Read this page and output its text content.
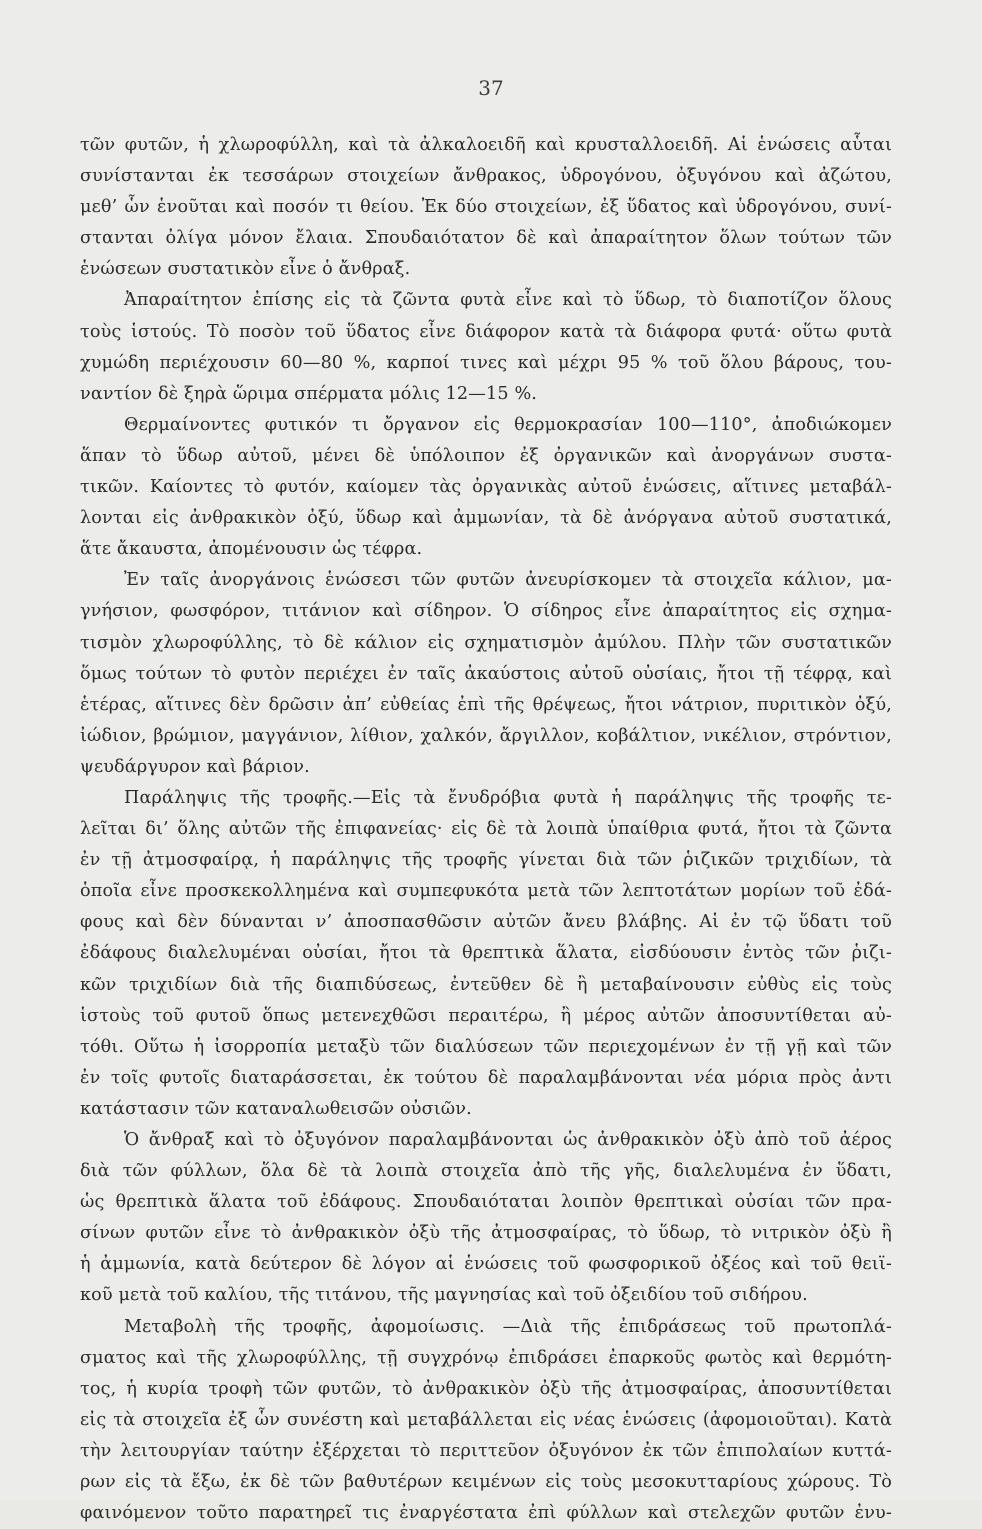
37
τῶν φυτῶν, ἡ χλωροφύλλη, καὶ τὰ ἀλκαλοειδῆ καὶ κρυσταλλοειδῆ. Αἱ ἑνώσεις αὗται
συνίστανται ἐκ τεσσάρων στοιχείων ἄνθρακος, ὑδρογόνου, ὀξυγόνου καὶ ἀζώτου,
μεθ’ ὧν ἑνοῦται καὶ ποσόν τι θείου. Ἐκ δύο στοιχείων, ἐξ ὕδατος καὶ ὑδρογόνου, συνί-
στανται ὀλίγα μόνον ἔλαια. Σπουδαιότατον δὲ καὶ ἀπαραίτητον ὅλων τούτων τῶν
ἑνώσεων συστατικὸν εἶνε ὁ ἄνθραξ.
Ἀπαραίτητον ἐπίσης εἰς τὰ ζῶντα φυτὰ εἶνε καὶ τὸ ὕδωρ, τὸ διαποτίζον ὅλους
τοὺς ἱστούς. Τὸ ποσὸν τοῦ ὕδατος εἶνε διάφορον κατὰ τὰ διάφορα φυτά· οὕτω φυτὰ
χυμώδη περιέχουσιν 60—80 %, καρποί τινες καὶ μέχρι 95 % τοῦ ὅλου βάρους, του-
ναντίον δὲ ξηρὰ ὥριμα σπέρματα μόλις 12—15 %.
Θερμαίνοντες φυτικόν τι ὄργανον εἰς θερμοκρασίαν 100—110°, ἀποδιώκομεν
ἅπαν τὸ ὕδωρ αὐτοῦ, μένει δὲ ὑπόλοιπον ἐξ ὀργανικῶν καὶ ἀνοργάνων συστα-
τικῶν. Καίοντες τὸ φυτόν, καίομεν τὰς ὀργανικὰς αὐτοῦ ἑνώσεις, αἵτινες μεταβάλ-
λονται εἰς ἀνθρακικὸν ὀξύ, ὕδωρ καὶ ἀμμωνίαν, τὰ δὲ ἀνόργανα αὐτοῦ συστατικά,
ἅτε ἄκαυστα, ἀπομένουσιν ὡς τέφρα.
Ἐν ταῖς ἀνοργάνοις ἑνώσεσι τῶν φυτῶν ἀνευρίσκομεν τὰ στοιχεῖα κάλιον, μα-
γνήσιον, φωσφόρον, τιτάνιον καὶ σίδηρον. Ὁ σίδηρος εἶνε ἀπαραίτητος εἰς σχημα-
τισμὸν χλωροφύλλης, τὸ δὲ κάλιον εἰς σχηματισμὸν ἀμύλου. Πλὴν τῶν συστατικῶν
ὅμως τούτων τὸ φυτὸν περιέχει ἐν ταῖς ἀκαύστοις αὐτοῦ οὐσίαις, ἤτοι τῇ τέφρᾳ, καὶ
ἑτέρας, αἵτινες δὲν δρῶσιν ἀπ’ εὐθείας ἐπὶ τῆς θρέψεως, ἤτοι νάτριον, πυριτικὸν ὀξύ,
ἰώδιον, βρώμιον, μαγγάνιον, λίθιον, χαλκόν, ἄργιλλον, κοβάλτιον, νικέλιον, στρόντιον,
ψευδάργυρον καὶ βάριον.
Παράληψις τῆς τροφῆς.—Εἰς τὰ ἔνυδρόβια φυτὰ ἡ παράληψις τῆς τροφῆς τε-
λεῖται δι’ ὅλης αὐτῶν τῆς ἐπιφανείας· εἰς δὲ τὰ λοιπὰ ὑπαίθρια φυτά, ἤτοι τὰ ζῶντα
ἐν τῇ ἀτμοσφαίρᾳ, ἡ παράληψις τῆς τροφῆς γίνεται διὰ τῶν ῥιζικῶν τριχιδίων, τὰ
ὁποῖα εἶνε προσκεκολλημένα καὶ συμπεφυκότα μετὰ τῶν λεπτοτάτων μορίων τοῦ ἐδά-
φους καὶ δὲν δύνανται ν’ ἀποσπασθῶσιν αὐτῶν ἄνευ βλάβης. Αἱ ἐν τῷ ὕδατι τοῦ
ἐδάφους διαλελυμέναι οὐσίαι, ἤτοι τὰ θρεπτικὰ ἅλατα, εἰσδύουσιν ἐντὸς τῶν ῥιζι-
κῶν τριχιδίων διὰ τῆς διαπιδύσεως, ἐντεῦθεν δὲ ἢ μεταβαίνουσιν εὐθὺς εἰς τοὺς
ἱστοὺς τοῦ φυτοῦ ὅπως μετενεχθῶσι περαιτέρω, ἢ μέρος αὐτῶν ἀποσυντίθεται αὐ-
τόθι. Οὕτω ἡ ἰσορροπία μεταξὺ τῶν διαλύσεων τῶν περιεχομένων ἐν τῇ γῇ καὶ τῶν
ἐν τοῖς φυτοῖς διαταράσσεται, ἐκ τούτου δὲ παραλαμβάνονται νέα μόρια πρὸς ἀντι
κατάστασιν τῶν καταναλωθεισῶν οὐσιῶν.
Ὁ ἄνθραξ καὶ τὸ ὀξυγόνον παραλαμβάνονται ὡς ἀνθρακικὸν ὀξὺ ἀπὸ τοῦ ἀέρος
διὰ τῶν φύλλων, ὅλα δὲ τὰ λοιπὰ στοιχεῖα ἀπὸ τῆς γῆς, διαλελυμένα ἐν ὕδατι,
ὡς θρεπτικὰ ἅλατα τοῦ ἐδάφους. Σπουδαιόταται λοιπὸν θρεπτικαὶ οὐσίαι τῶν πρα-
σίνων φυτῶν εἶνε τὸ ἀνθρακικὸν ὀξὺ τῆς ἀτμοσφαίρας, τὸ ὕδωρ, τὸ νιτρικὸν ὀξὺ ἢ
ἡ ἀμμωνία, κατὰ δεύτερον δὲ λόγον αἱ ἑνώσεις τοῦ φωσφορικοῦ ὀξέος καὶ τοῦ θειϊ-
κοῦ μετὰ τοῦ καλίου, τῆς τιτάνου, τῆς μαγνησίας καὶ τοῦ ὀξειδίου τοῦ σιδήρου.
Μεταβολὴ τῆς τροφῆς, ἀφομοίωσις. —Διὰ τῆς ἐπιδράσεως τοῦ πρωτοπλά-
σματος καὶ τῆς χλωροφύλλης, τῇ συγχρόνῳ ἐπιδράσει ἐπαρκοῦς φωτὸς καὶ θερμότη-
τος, ἡ κυρία τροφὴ τῶν φυτῶν, τὸ ἀνθρακικὸν ὀξὺ τῆς ἀτμοσφαίρας, ἀποσυντίθεται
εἰς τὰ στοιχεῖα ἐξ ὧν συνέστη καὶ μεταβάλλεται εἰς νέας ἑνώσεις (ἀφομοιοῦται). Κατὰ
τὴν λειτουργίαν ταύτην ἐξέρχεται τὸ περιττεῦον ὀξυγόνον ἐκ τῶν ἐπιπολαίων κυττά-
ρων εἰς τὰ ἔξω, ἐκ δὲ τῶν βαθυτέρων κειμένων εἰς τοὺς μεσοκυτταρίους χώρους. Τὸ
φαινόμενον τοῦτο παρατηρεῖ τις ἐναργέστατα ἐπὶ φύλλων καὶ στελεχῶν φυτῶν ἐνυ-
